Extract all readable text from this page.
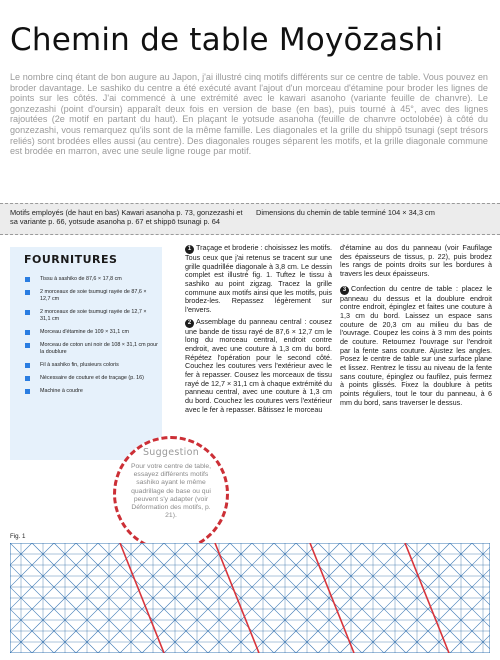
Chemin de table Moyōzashi

Le nombre cinq étant de bon augure au Japon, j'ai illustré cinq motifs différents sur ce centre de table. Vous pouvez en broder davantage. Le sashiko du centre a été exécuté avant l'ajout d'un morceau d'étamine pour broder les lignes de points sur les côtés. J'ai commencé à une extrémité avec le kawari asanoho (variante feuille de chanvre). Le gonzezashi (point d'oursin) apparaît deux fois en version de base (en bas), puis tourné à 45°, avec des lignes rajoutées (2e motif en partant du haut). En plaçant le yotsude asanoha (feuille de chanvre octolobée) à côté du gonzezashi, vous remarquez qu'ils sont de la même famille. Les diagonales et la grille du shippō tsunagi (sept trésors reliés) sont brodées elles aussi (au centre). Des diagonales rouges séparent les motifs, et la grille diagonale commune est brodée en marron, avec une seule ligne rouge par motif.

Motifs employés (de haut en bas) Kawari asanoha p. 73, gonzezashi et sa variante p. 66, yotsude asanoha p. 67 et shippō tsunagi p. 64
Dimensions du chemin de table terminé 104 × 34,3 cm
FOURNITURES
Tissu à sashiko de 87,6 × 17,8 cm
2 morceaux de soie tsumugi rayée de 87,6 × 12,7 cm
2 morceaux de soie tsumugi rayée de 12,7 × 31,1 cm
Morceau d'étamine de 109 × 31,1 cm
Morceau de coton uni noir de 108 × 31,1 cm pour la doublure
Fil à sashiko fin, plusieurs coloris
Nécessaire de couture et de traçage (p. 16)
Machine à coudre

1 Traçage et broderie : choisissez les motifs. Tous ceux que j'ai retenus se tracent sur une grille quadrillée diagonale à 3,8 cm. Le dessin complet est illustré fig. 1. Tuftez le tissu à sashiko au point zigzag. Tracez la grille commune aux motifs ainsi que les motifs, puis brodez-les. Repassez légèrement sur l'envers.

2 Assemblage du panneau central : cousez une bande de tissu rayé de 87,6 × 12,7 cm le long du morceau central, endroit contre endroit, avec une couture à 1,3 cm du bord. Répétez l'opération pour le second côté. Couchez les coutures vers l'extérieur avec le fer à repasser. Cousez les morceaux de tissu rayé de 12,7 × 31,1 cm à chaque extrémité du panneau central, avec une couture à 1,3 cm du bord. Couchez les coutures vers l'extérieur avec le fer à repasser. Bâtissez le morceau

d'étamine au dos du panneau (voir Faufilage des épaisseurs de tissus, p. 22), puis brodez les rangs de points droits sur les bordures à travers les deux épaisseurs.

3 Confection du centre de table : placez le panneau du dessus et la doublure endroit contre endroit, épinglez et faites une couture à 1,3 cm du bord. Laissez un espace sans couture de 20,3 cm au milieu du bas de l'ouvrage. Coupez les coins à 3 mm des points de couture. Retournez l'ouvrage sur l'endroit par la fente sans couture. Ajustez les angles. Posez le centre de table sur une surface plane et lissez. Rentrez le tissu au niveau de la fente sans couture, épinglez ou faufilez, puis fermez à points glissés. Fixez la doublure à petits points réguliers, tout le tour du panneau, à 6 mm du bord, sans traverser le dessus.

Suggestion
Pour votre centre de table, essayez différents motifs sashiko ayant le même quadrillage de base ou qui peuvent s'y adapter (voir Déformation des motifs, p. 21).
Fig. 1
